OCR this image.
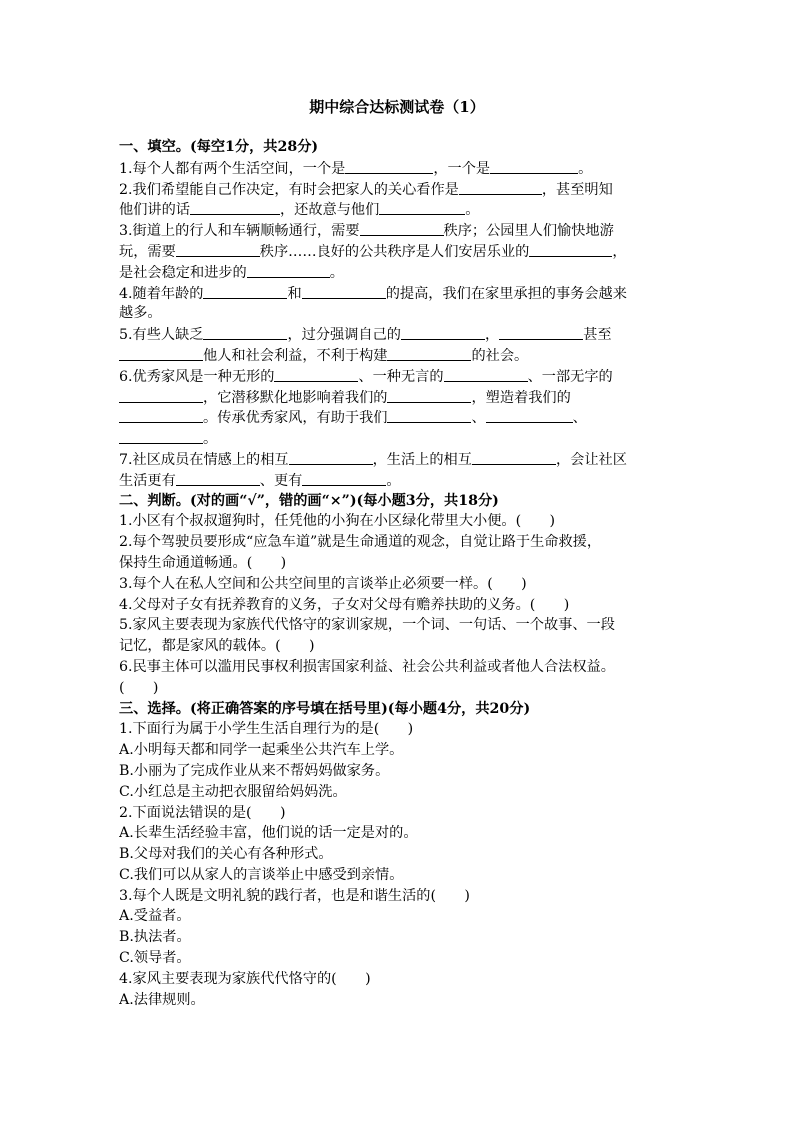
期中综合达标测试卷（1）
一、填空。(每空1分，共28分)
1.每个人都有两个生活空间，一个是	，一个是	。
2.我们希望能自己作决定，有时会把家人的关心看作是	，甚至明知
他们讲的话	，还故意与他们	。
3.街道上的行人和车辆顺畅通行，需要	秩序；公园里人们愉快地游
玩，需要	秩序……良好的公共秩序是人们安居乐业的	，
是社会稳定和进步的	。
4.随着年龄的	和	的提高，我们在家里承担的事务会越来
越多。
5.有些人缺乏	，过分强调自己的	，	甚至
他人和社会利益，不利于构建	的社会。
6.优秀家风是一种无形的	、一种无言的	、一部无字的
，它潜移默化地影响着我们的	，塑造着我们的
。传承优秀家风，有助于我们	、	、
。
7.社区成员在情感上的相互	，生活上的相互	，会让社区
生活更有	、更有	。
二、判断。(对的画“√”，错的画“×”)(每小题3分，共18分)
1.小区有个叔叔遛狗时，任凭他的小狗在小区绿化带里大小便。(　　)
2.每个驾驶员要形成“应急车道”就是生命通道的观念，自觉让路于生命救援，
保持生命通道畅通。(　　)
3.每个人在私人空间和公共空间里的言谈举止必须要一样。(　　)
4.父母对子女有抚养教育的义务，子女对父母有赡养扶助的义务。(　　)
5.家风主要表现为家族代代恪守的家训家规，一个词、一句话、一个故事、一段
记忆，都是家风的载体。(　　)
6.民事主体可以滥用民事权利损害国家利益、社会公共利益或者他人合法权益。
(　　)
三、选择。(将正确答案的序号填在括号里)(每小题4分，共20分)
1.下面行为属于小学生生活自理行为的是(　　)
A.小明每天都和同学一起乘坐公共汽车上学。
B.小丽为了完成作业从来不帮妈妈做家务。
C.小红总是主动把衣服留给妈妈洗。
2.下面说法错误的是(　　)
A.长辈生活经验丰富，他们说的话一定是对的。
B.父母对我们的关心有各种形式。
C.我们可以从家人的言谈举止中感受到亲情。
3.每个人既是文明礼貌的践行者，也是和谐生活的(　　)
A.受益者。
B.执法者。
C.领导者。
4.家风主要表现为家族代代恪守的(　　)
A.法律规则。
